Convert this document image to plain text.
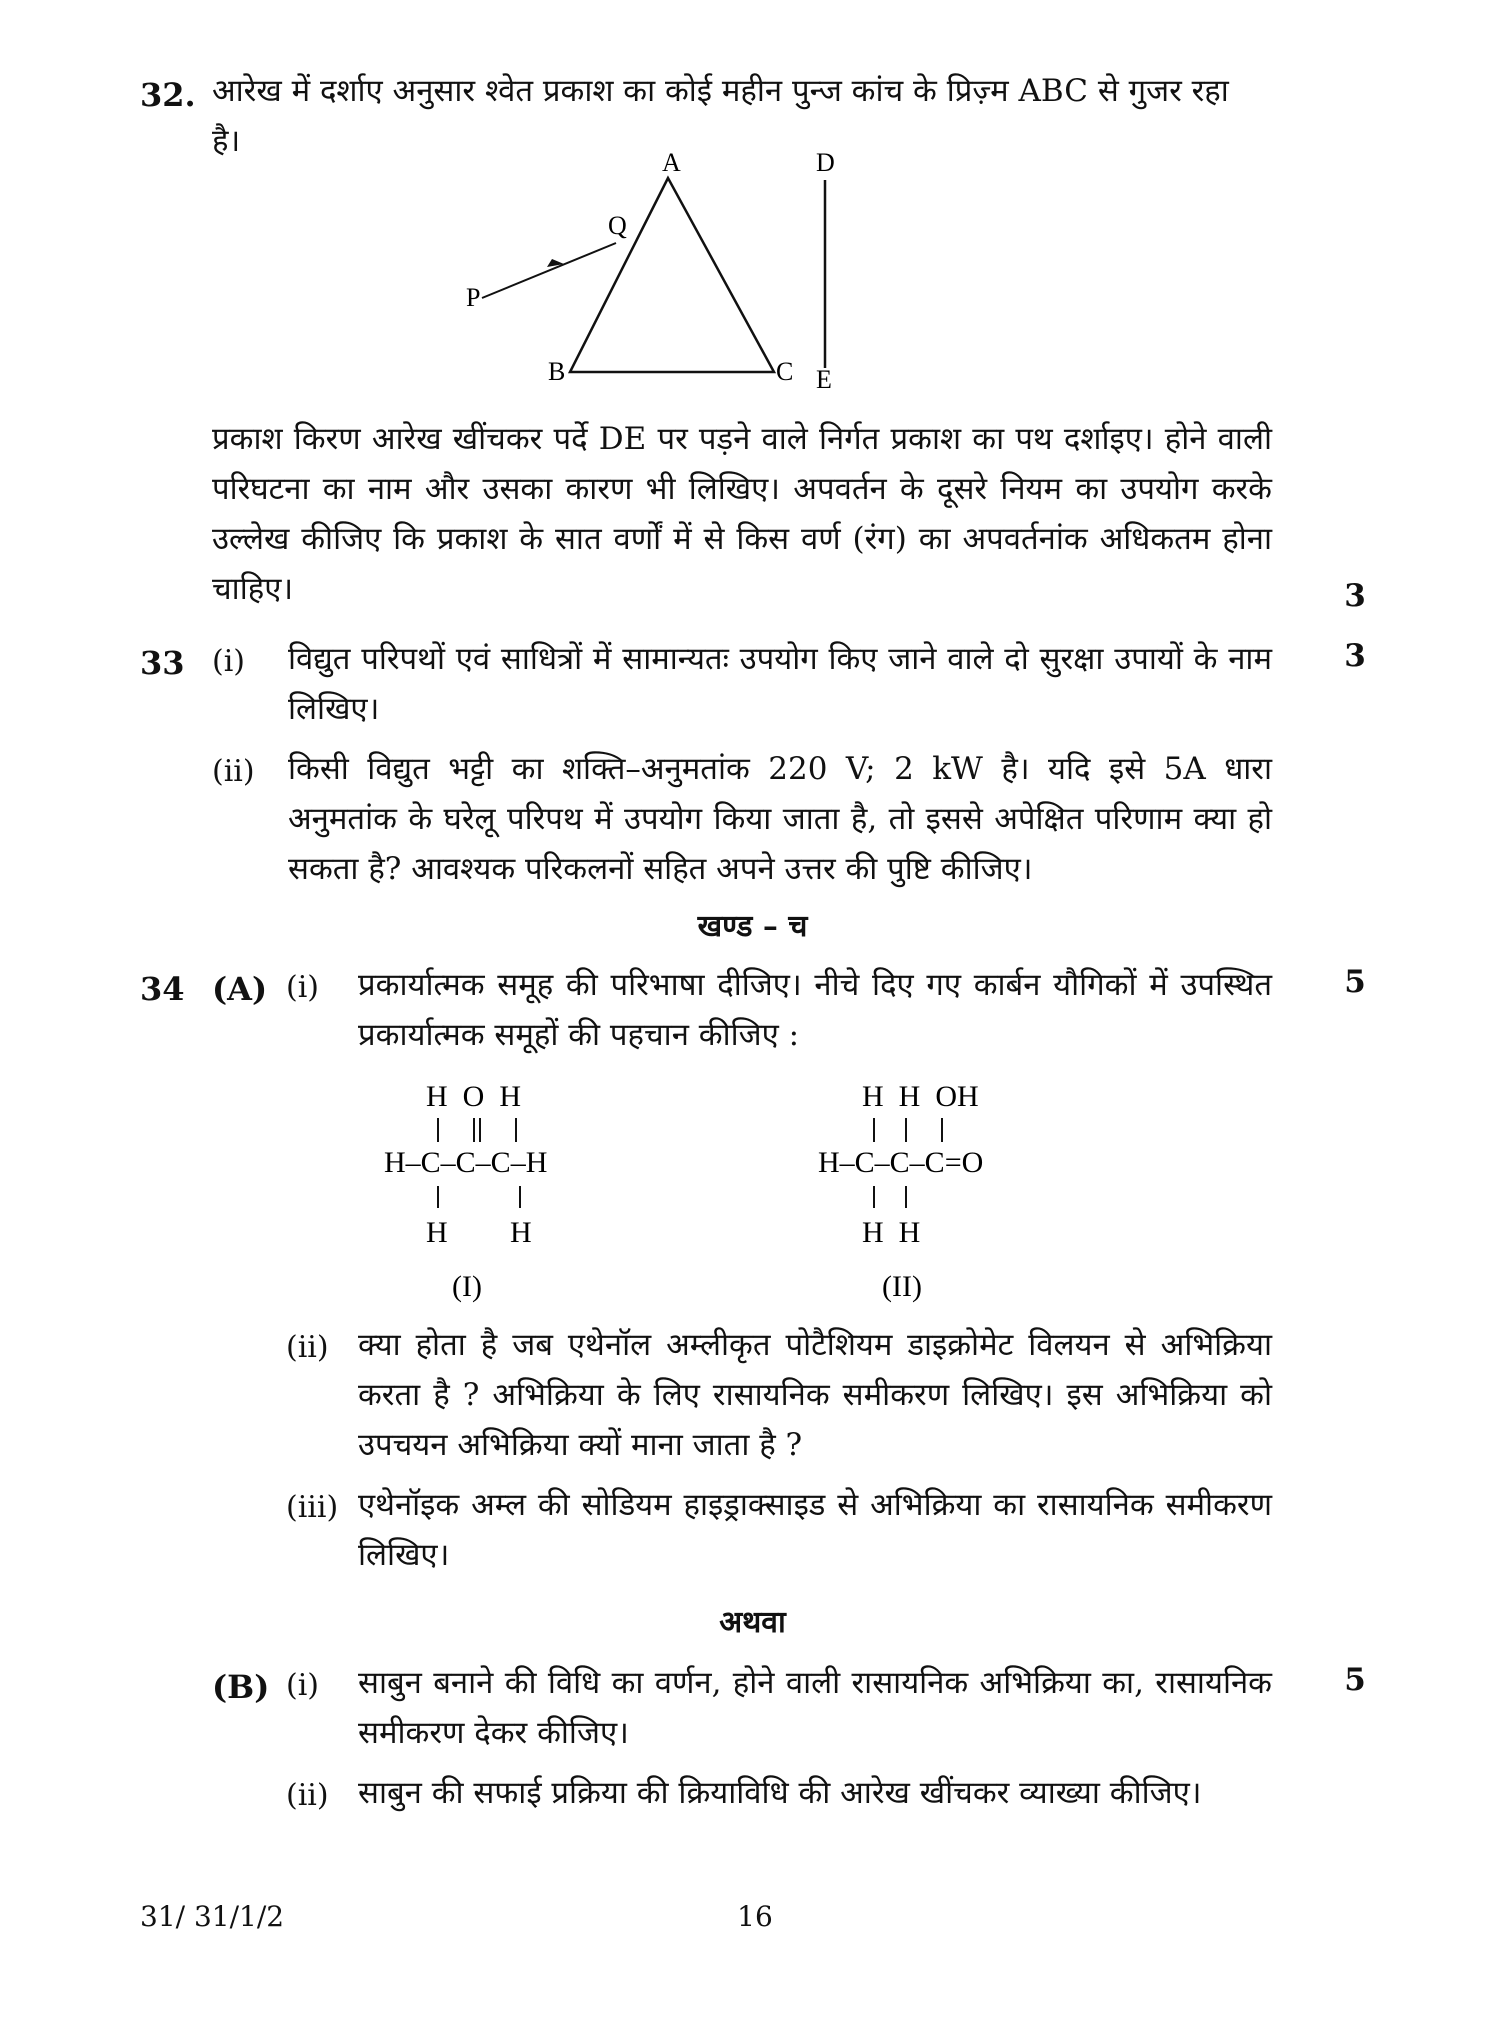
32. आरेख में दर्शाए अनुसार श्वेत प्रकाश का कोई महीन पुन्ज कांच के प्रिज़्म ABC से गुजर रहा
है।
A
B	C
D
E
P
Q
प्रकाश किरण आरेख खींचकर पर्दे DE पर पड़ने वाले निर्गत प्रकाश का पथ दर्शाइए। होने वाली परिघटना का नाम और उसका कारण भी लिखिए। अपवर्तन के दूसरे नियम का उपयोग करके उल्लेख कीजिए कि प्रकाश के सात वर्णों में से किस वर्ण (रंग) का अपवर्तनांक अधिकतम होना चाहिए।	3
33	3
(i) विद्युत परिपथों एवं साधित्रों में सामान्यतः उपयोग किए जाने वाले दो सुरक्षा उपायों के नाम लिखिए।
(ii) किसी विद्युत भट्टी का शक्ति–अनुमतांक 220 V; 2 kW है। यदि इसे 5A धारा अनुमतांक के घरेलू परिपथ में उपयोग किया जाता है, तो इससे अपेक्षित परिणाम क्या हो सकता है? आवश्यक परिकलनों सहित अपने उत्तर की पुष्टि कीजिए।
खण्ड – च
34 (A) (i) प्रकार्यात्मक समूह की परिभाषा दीजिए। नीचे दिए गए कार्बन यौगिकों में उपस्थित प्रकार्यात्मक समूहों की पहचान कीजिए :
5
H  O  H
H–C–C–C–H
H H
(I)
H  H  OH
H–C–C–C=O
H  H
(II)
(ii) क्या होता है जब एथेनॉल अम्लीकृत पोटैशियम डाइक्रोमेट विलयन से अभिक्रिया करता है ? अभिक्रिया के लिए रासायनिक समीकरण लिखिए। इस अभिक्रिया को उपचयन अभिक्रिया क्यों माना जाता है ?
(iii) एथेनॉइक अम्ल की सोडियम हाइड्राक्साइड से अभिक्रिया का रासायनिक समीकरण लिखिए।
अथवा
(B) (i) साबुन बनाने की विधि का वर्णन, होने वाली रासायनिक अभिक्रिया का, रासायनिक समीकरण देकर कीजिए।
5
(ii) साबुन की सफाई प्रक्रिया की क्रियाविधि की आरेख खींचकर व्याख्या कीजिए।
31/ 31/1/2	16
